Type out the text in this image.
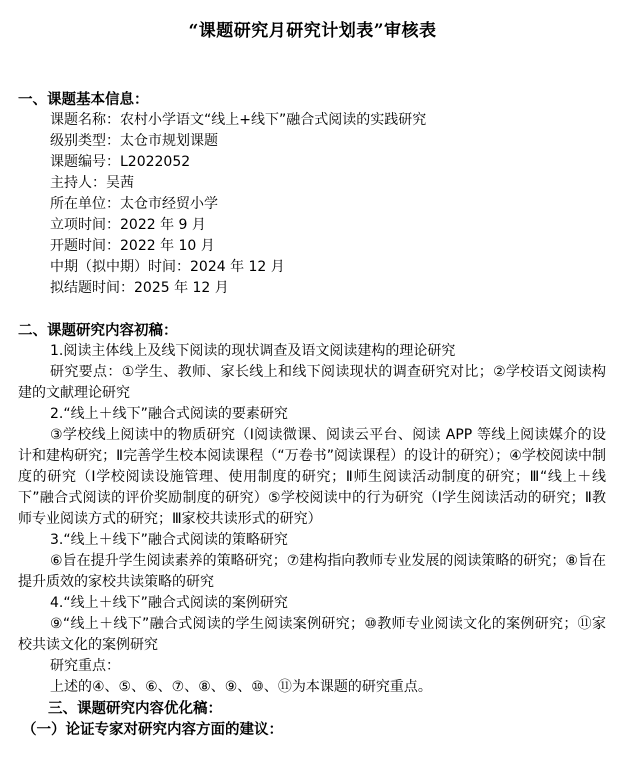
“课题研究月研究计划表”审核表
一、课题基本信息：
课题名称：农村小学语文“线上+线下”融合式阅读的实践研究
级别类型：太仓市规划课题
课题编号：L2022052
主持人：吴茜
所在单位：太仓市经贸小学
立项时间：2022 年 9 月
开题时间：2022 年 10 月
中期（拟中期）时间：2024 年 12 月
拟结题时间：2025 年 12 月
二、课题研究内容初稿：

1.阅读主体线上及线下阅读的现状调查及语文阅读建构的理论研究

研究要点：①学生、教师、家长线上和线下阅读现状的调查研究对比；②学校语文阅读构建的文献理论研究

2.“线上＋线下”融合式阅读的要素研究

③学校线上阅读中的物质研究（Ⅰ阅读微课、阅读云平台、阅读 APP 等线上阅读媒介的设计和建构研究；Ⅱ完善学生校本阅读课程（“万卷书”阅读课程）的设计的研究）；④学校阅读中制度的研究（Ⅰ学校阅读设施管理、使用制度的研究；Ⅱ师生阅读活动制度的研究；Ⅲ“线上＋线下”融合式阅读的评价奖励制度的研究）⑤学校阅读中的行为研究（Ⅰ学生阅读活动的研究；Ⅱ教师专业阅读方式的研究；Ⅲ家校共读形式的研究）

3.“线上＋线下”融合式阅读的策略研究

⑥旨在提升学生阅读素养的策略研究；⑦建构指向教师专业发展的阅读策略的研究；⑧旨在提升质效的家校共读策略的研究

4.“线上＋线下”融合式阅读的案例研究

⑨“线上＋线下”融合式阅读的学生阅读案例研究；⑩教师专业阅读文化的案例研究；⑪家校共读文化的案例研究

研究重点：

上述的④、⑤、⑥、⑦、⑧、⑨、⑩、⑪为本课题的研究重点。

三、课题研究内容优化稿：
（一）论证专家对研究内容方面的建议：
